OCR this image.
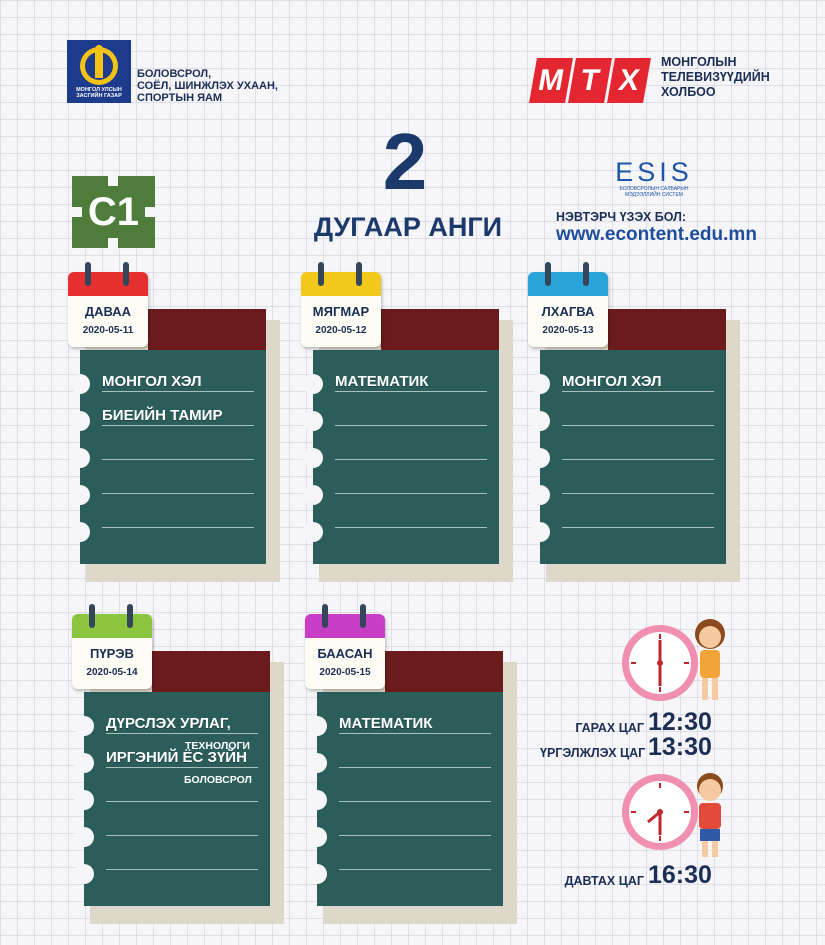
МОНГОЛ УЛСЫН
ЗАСГИЙН ГАЗАР
БОЛОВСРОЛ,
СОЁЛ, ШИНЖЛЭХ УХААН,
СПОРТЫН ЯАМ
М Т Х
МОНГОЛЫН
ТЕЛЕВИЗҮҮДИЙН
ХОЛБОО
2
ДУГААР АНГИ
C1
ESIS
БОЛОВСРОЛЫН САЛБАРЫН
МЭДЭЭЛЛИЙН СИСТЕМ
НЭВТЭРЧ ҮЗЭХ БОЛ:
www.econtent.edu.mn
МОНГОЛ ХЭЛ
БИЕИЙН ТАМИР
ДАВАА
2020-05-11
МАТЕМАТИК
МЯГМАР
2020-05-12
МОНГОЛ ХЭЛ
ЛХАГВА
2020-05-13
ДҮРСЛЭХ УРЛАГ,
ИРГЭНИЙ ЁС ЗҮЙН
ТЕХНОЛОГИ
БОЛОВСРОЛ
ПҮРЭВ
2020-05-14
МАТЕМАТИК
БААСАН
2020-05-15
ГАРАХ ЦАГ 12:30
ҮРГЭЛЖЛЭХ ЦАГ 13:30
ДАВТАХ ЦАГ 16:30
